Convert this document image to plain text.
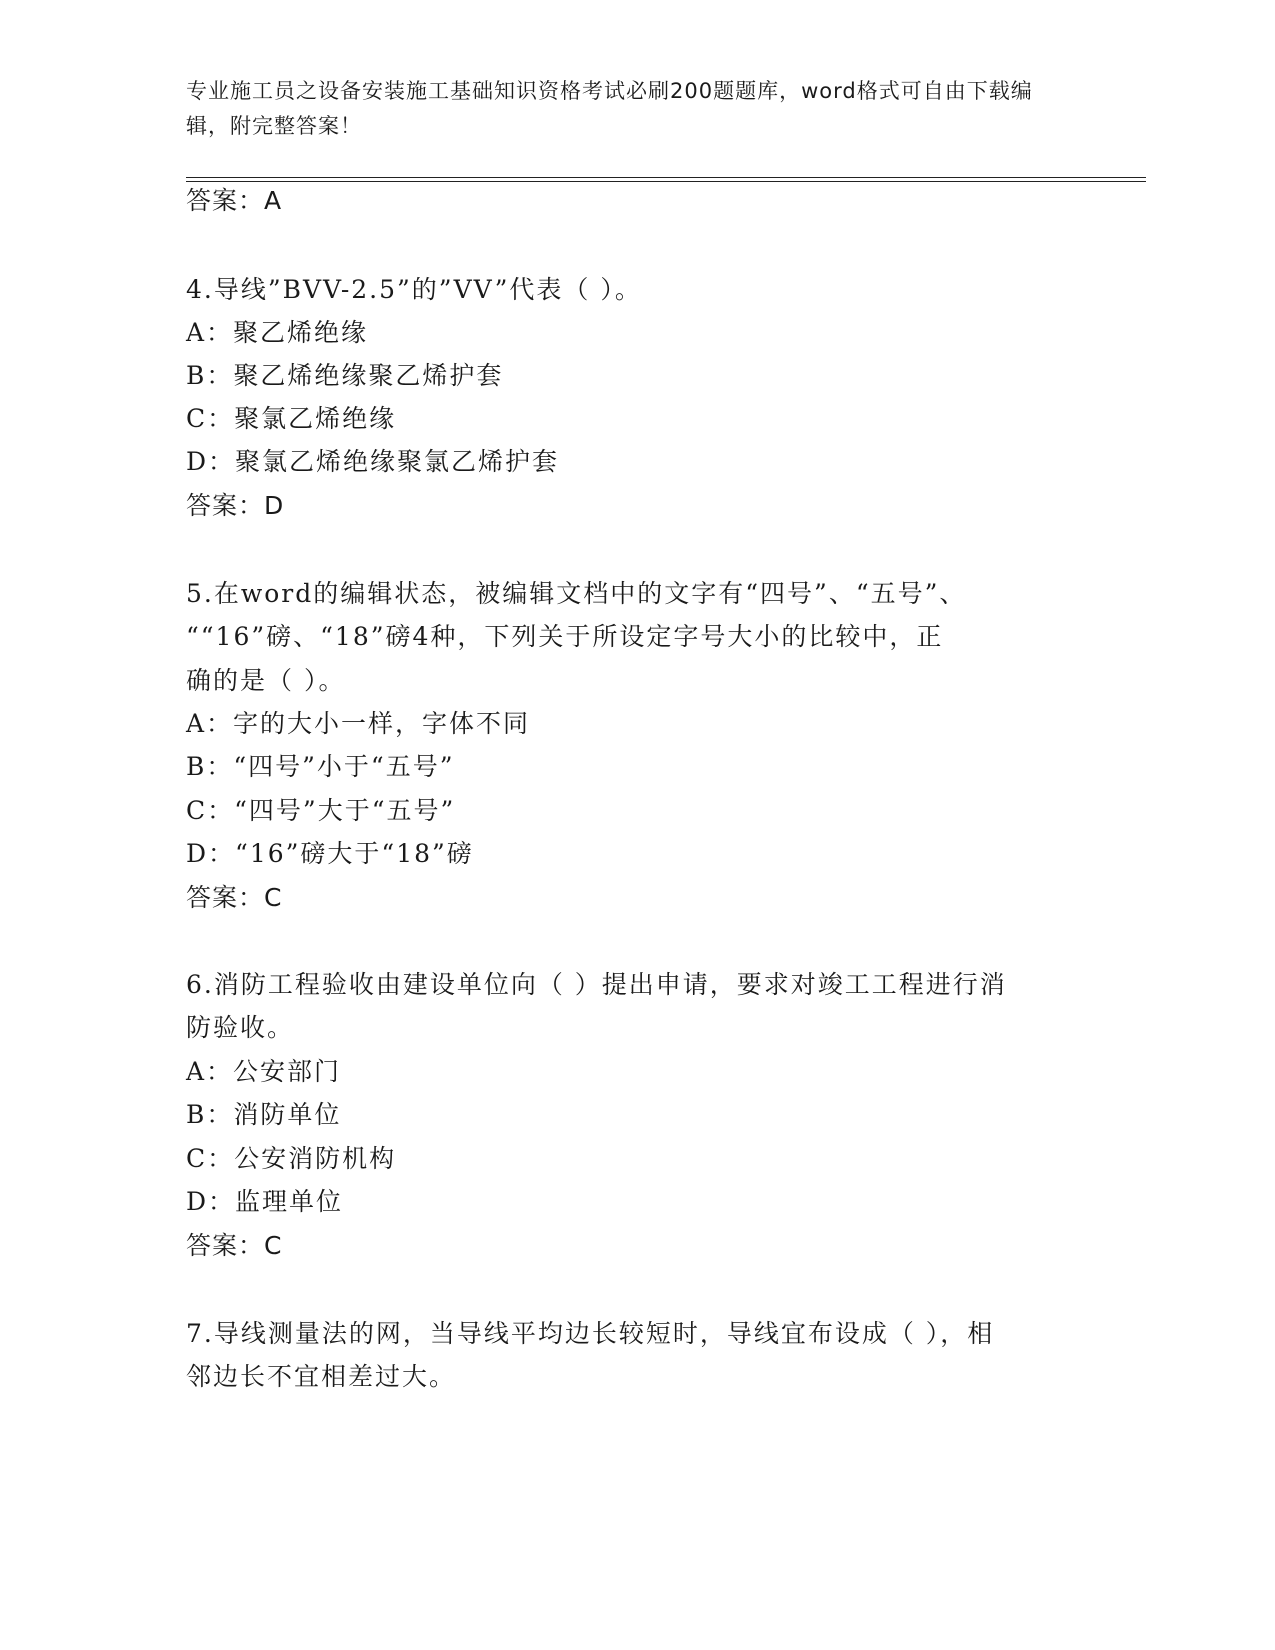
专业施工员之设备安装施工基础知识资格考试必刷200题题库，word格式可自由下载编辑，附完整答案！
答案：A
4.导线”BVV-2.5”的”VV”代表（ ）。
A：聚乙烯绝缘
B：聚乙烯绝缘聚乙烯护套
C：聚氯乙烯绝缘
D：聚氯乙烯绝缘聚氯乙烯护套
答案：D
5.在word的编辑状态，被编辑文档中的文字有“四号”、“五号”、
““16”磅、“18”磅4种，下列关于所设定字号大小的比较中，正
确的是（ ）。
A：字的大小一样，字体不同
B：“四号”小于“五号”
C：“四号”大于“五号”
D：“16”磅大于“18”磅
答案：C
6.消防工程验收由建设单位向（ ）提出申请，要求对竣工工程进行消
防验收。
A：公安部门
B：消防单位
C：公安消防机构
D：监理单位
答案：C
7.导线测量法的网，当导线平均边长较短时，导线宜布设成（ ），相
邻边长不宜相差过大。
